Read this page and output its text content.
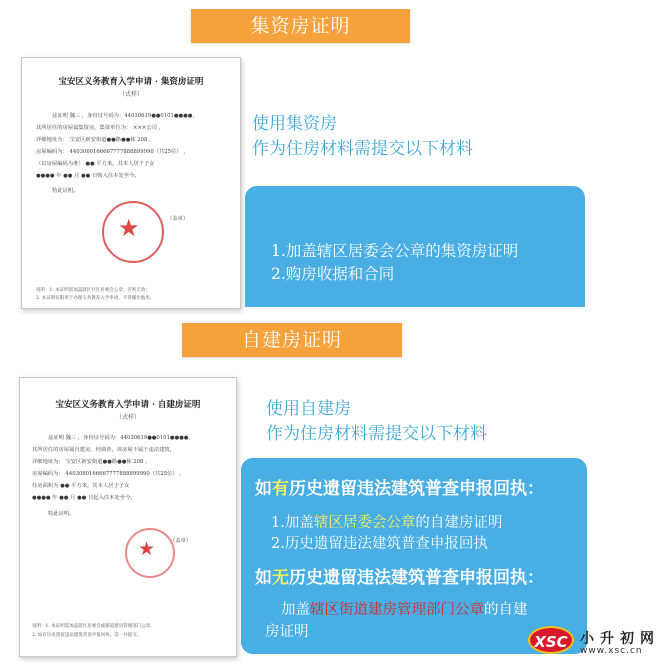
集资房证明
宝安区义务教育入学申请 · 集资房证明
（式样）
兹证明 魏三 ，身份证号码为：44030619●●0101●●●●，
其所居住的房屋属集资房，集资单位为： ×××公司 ，
详细地址为： 宝安区新安街道●●路●●栋 208 ，
房屋编码为： 4403060166667777888899990（共25位） ，
（以房屋编码为准） ●● 平方米。其本人居于子女
●●●● 年 ●● 月 ●● 日购入住本处至今。
特此证明。
（盖章）
★
说明：1. 本证明需加盖辖区社区居委会公章，否则无效；
2. 本证明仅限用于办理义务教育入学申请，不得挪作他用。
使用集资房
作为住房材料需提交以下材料
1.加盖辖区居委会公章的集资房证明
2.购房收据和合同
自建房证明
宝安区义务教育入学申请 · 自建房证明
（式样）
兹证明 魏三 ，身份证号码为：44030619●●0101●●●●，
其所居住的房屋属自建房，经调查，该房屋不属于违法建筑，
详细地址为： 宝安区新安街道●●路●●栋 208 ，
房屋编码为： 4403060166667777888899990（共25位） ，
住房面积为 ●● 平方米。其本人居于子女
●●●● 年 ●● 月 ●● 日起入住本处至今。
特此证明。
（盖章）
★
说明：1. 本证明需加盖辖区居委会或街道建房管理部门公章，
2. 如有历史遗留违法建筑普查申报回执，需一并提交。
使用自建房
作为住房材料需提交以下材料
如有历史遗留违法建筑普查申报回执：
1.加盖辖区居委会公章的自建房证明
2.历史遗留违法建筑普查申报回执
如无历史遗留违法建筑普查申报回执：
加盖辖区街道建房管理部门公章的自建
房证明
XSC 小升初网
www.xsc.cn
